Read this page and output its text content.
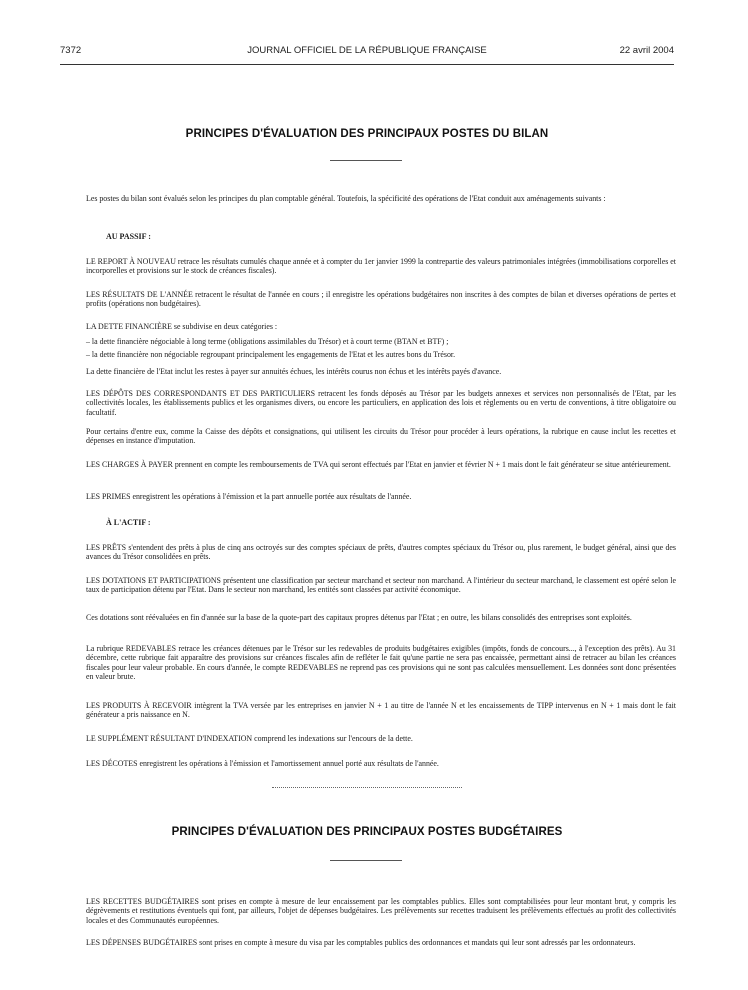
7372	JOURNAL OFFICIEL DE LA RÉPUBLIQUE FRANÇAISE	22 avril 2004
PRINCIPES D'ÉVALUATION DES PRINCIPAUX POSTES DU BILAN

Les postes du bilan sont évalués selon les principes du plan comptable général. Toutefois, la spécificité des opérations de l'Etat conduit aux aménagements suivants :

AU PASSIF :

LE REPORT À NOUVEAU retrace les résultats cumulés chaque année et à compter du 1er janvier 1999 la contrepartie des valeurs patrimoniales intégrées (immobilisations corporelles et incorporelles et provisions sur le stock de créances fiscales).

LES RÉSULTATS DE L'ANNÉE retracent le résultat de l'année en cours ; il enregistre les opérations budgétaires non inscrites à des comptes de bilan et diverses opérations de pertes et profits (opérations non budgétaires).

LA DETTE FINANCIÈRE se subdivise en deux catégories :

– la dette financière négociable à long terme (obligations assimilables du Trésor) et à court terme (BTAN et BTF) ;

– la dette financière non négociable regroupant principalement les engagements de l'Etat et les autres bons du Trésor.

La dette financière de l'Etat inclut les restes à payer sur annuités échues, les intérêts courus non échus et les intérêts payés d'avance.

LES DÉPÔTS DES CORRESPONDANTS ET DES PARTICULIERS retracent les fonds déposés au Trésor par les budgets annexes et services non personnalisés de l'Etat, par les collectivités locales, les établissements publics et les organismes divers, ou encore les particuliers, en application des lois et règlements ou en vertu de conventions, à titre obligatoire ou facultatif.

Pour certains d'entre eux, comme la Caisse des dépôts et consignations, qui utilisent les circuits du Trésor pour procéder à leurs opérations, la rubrique en cause inclut les recettes et dépenses en instance d'imputation.

LES CHARGES À PAYER prennent en compte les remboursements de TVA qui seront effectués par l'Etat en janvier et février N + 1 mais dont le fait générateur se situe antérieurement.

LES PRIMES enregistrent les opérations à l'émission et la part annuelle portée aux résultats de l'année.

À L'ACTIF :

LES PRÊTS s'entendent des prêts à plus de cinq ans octroyés sur des comptes spéciaux de prêts, d'autres comptes spéciaux du Trésor ou, plus rarement, le budget général, ainsi que des avances du Trésor consolidées en prêts.

LES DOTATIONS ET PARTICIPATIONS présentent une classification par secteur marchand et secteur non marchand. A l'intérieur du secteur marchand, le classement est opéré selon le taux de participation détenu par l'Etat. Dans le secteur non marchand, les entités sont classées par activité économique.

Ces dotations sont réévaluées en fin d'année sur la base de la quote-part des capitaux propres détenus par l'Etat ; en outre, les bilans consolidés des entreprises sont exploités.

La rubrique REDEVABLES retrace les créances détenues par le Trésor sur les redevables de produits budgétaires exigibles (impôts, fonds de concours..., à l'exception des prêts). Au 31 décembre, cette rubrique fait apparaître des provisions sur créances fiscales afin de refléter le fait qu'une partie ne sera pas encaissée, permettant ainsi de retracer au bilan les créances fiscales pour leur valeur probable. En cours d'année, le compte REDEVABLES ne reprend pas ces provisions qui ne sont pas calculées mensuellement. Les données sont donc présentées en valeur brute.

LES PRODUITS À RECEVOIR intègrent la TVA versée par les entreprises en janvier N + 1 au titre de l'année N et les encaissements de TIPP intervenus en N + 1 mais dont le fait générateur a pris naissance en N.

LE SUPPLÉMENT RÉSULTANT D'INDEXATION comprend les indexations sur l'encours de la dette.

LES DÉCOTES enregistrent les opérations à l'émission et l'amortissement annuel porté aux résultats de l'année.

PRINCIPES D'ÉVALUATION DES PRINCIPAUX POSTES BUDGÉTAIRES

LES RECETTES BUDGÉTAIRES sont prises en compte à mesure de leur encaissement par les comptables publics. Elles sont comptabilisées pour leur montant brut, y compris les dégrèvements et restitutions éventuels qui font, par ailleurs, l'objet de dépenses budgétaires. Les prélèvements sur recettes traduisent les prélèvements effectués au profit des collectivités locales et des Communautés européennes.

LES DÉPENSES BUDGÉTAIRES sont prises en compte à mesure du visa par les comptables publics des ordonnances et mandats qui leur sont adressés par les ordonnateurs.
